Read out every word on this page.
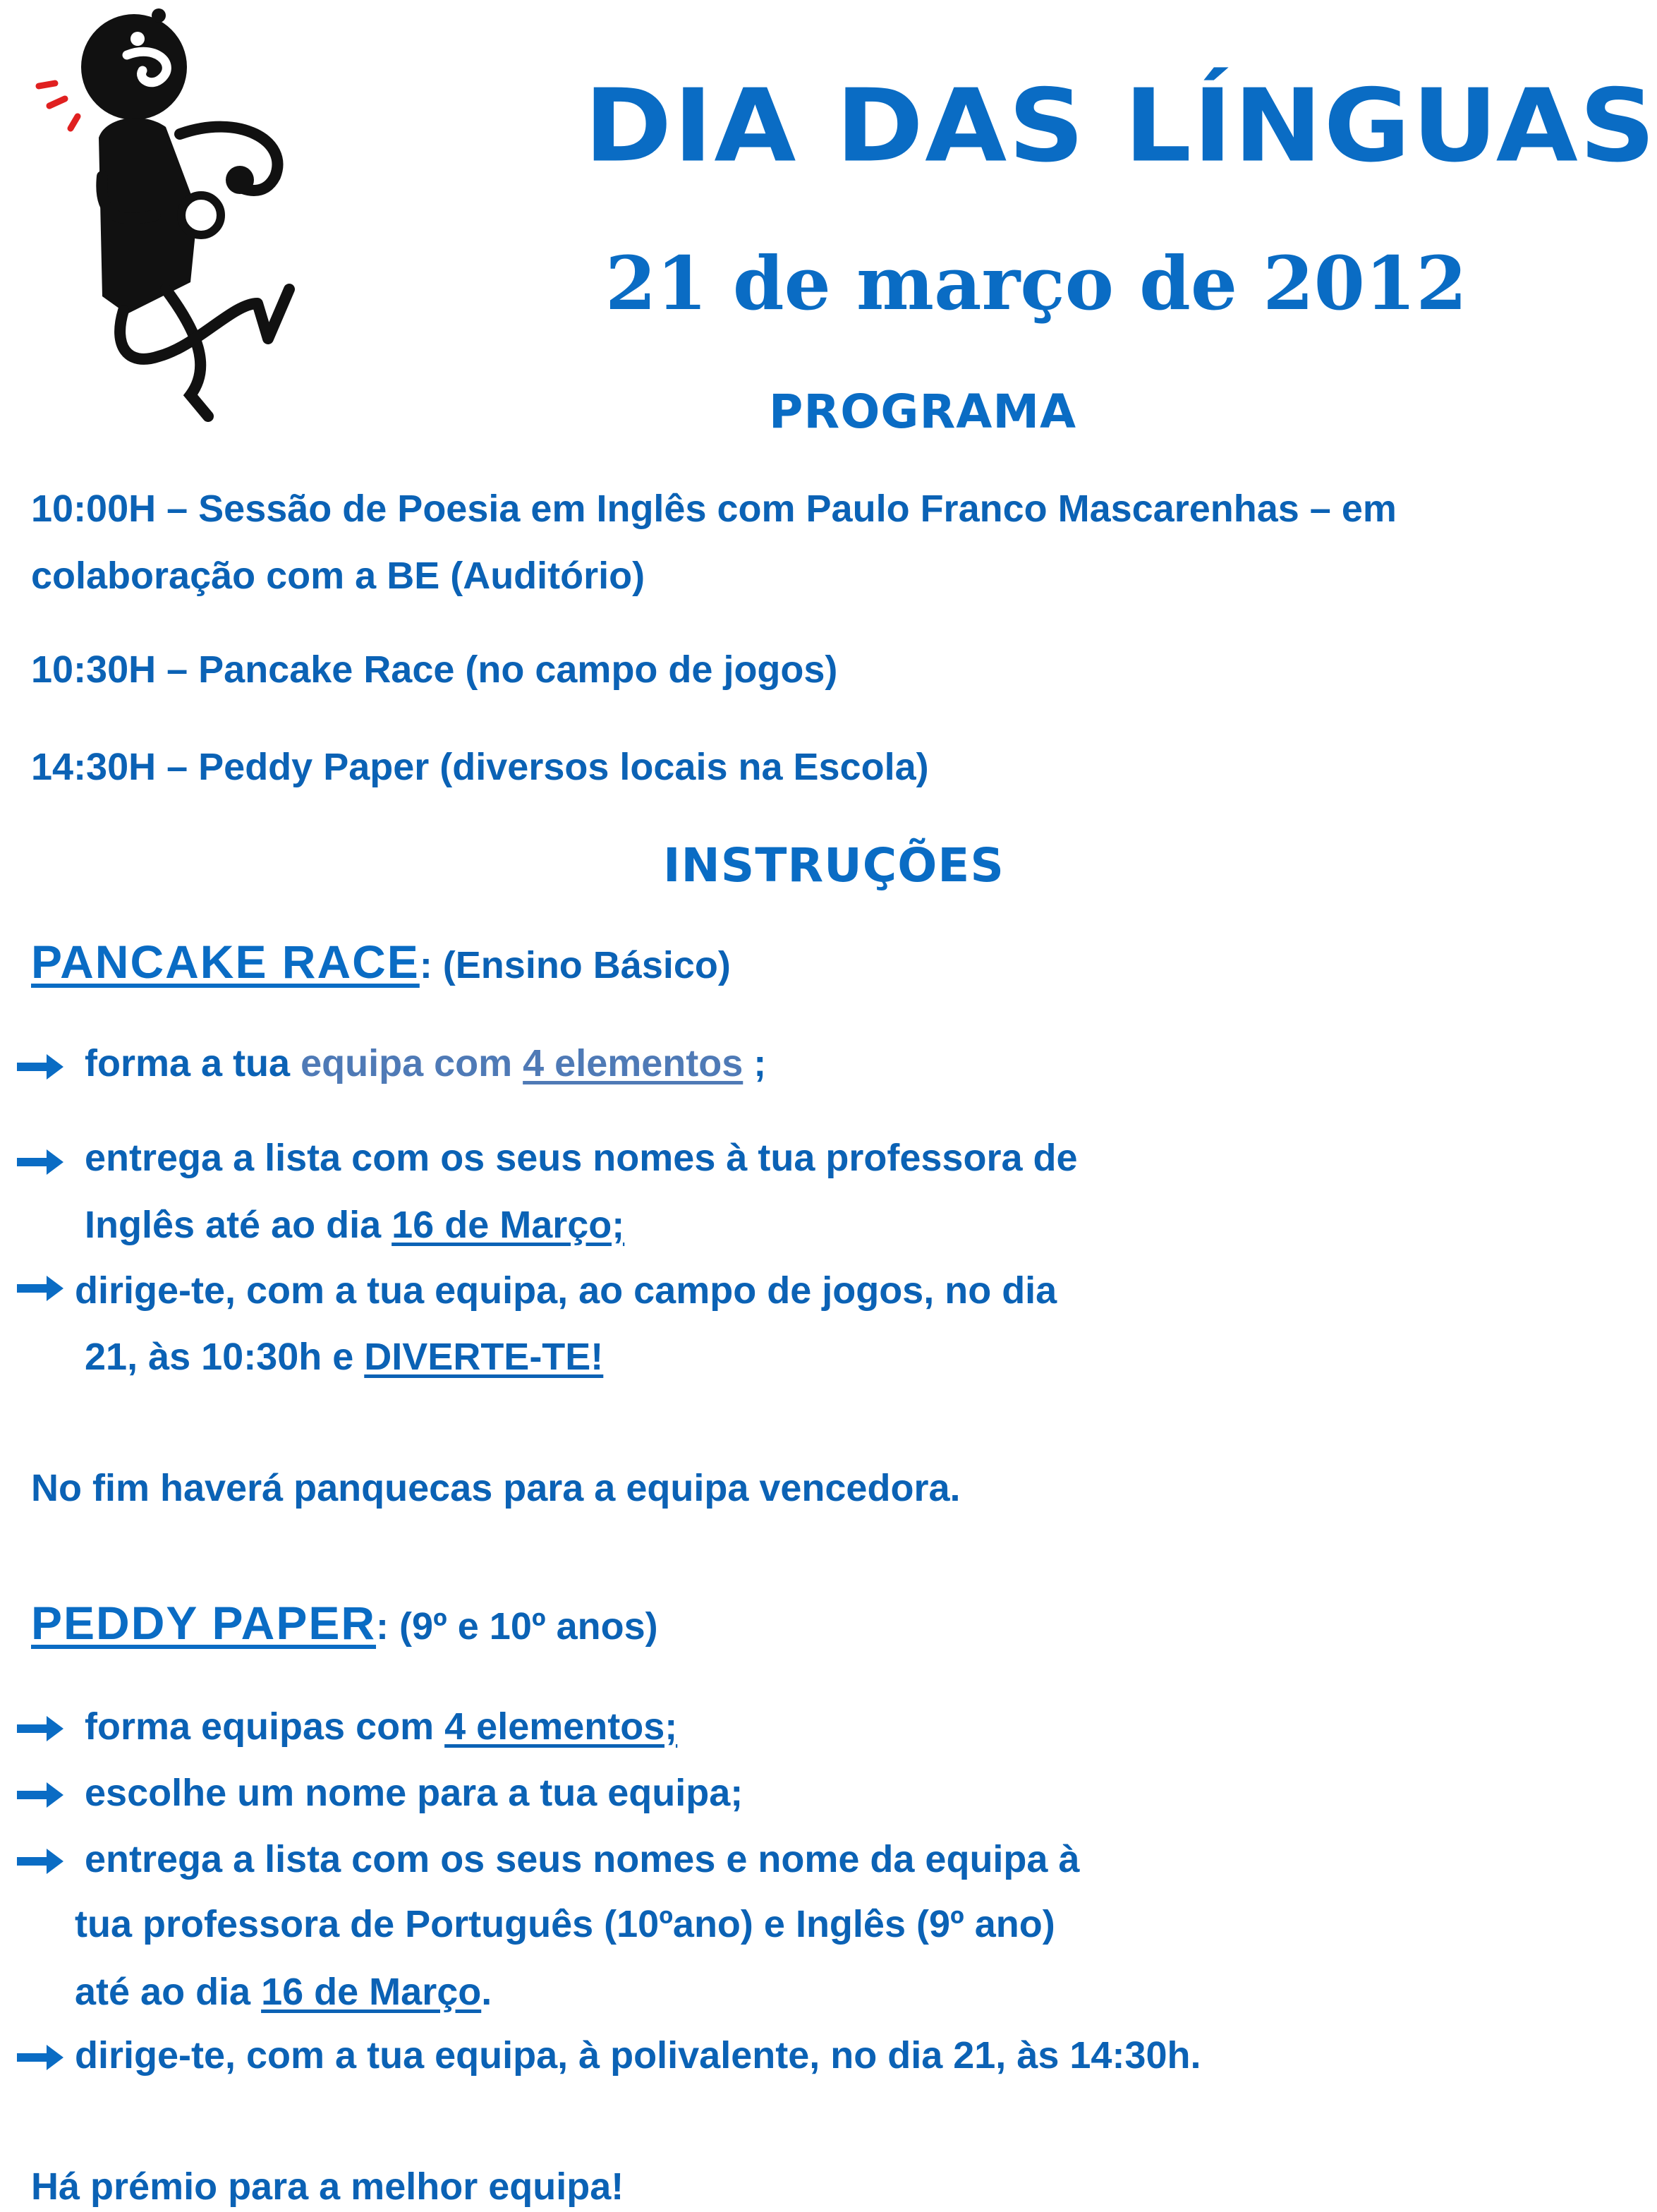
DIA DAS LÍNGUAS
21 de março de 2012
PROGRAMA
10:00H – Sessão de Poesia em Inglês com Paulo Franco Mascarenhas – em
colaboração com a BE (Auditório)
10:30H – Pancake Race (no campo de jogos)
14:30H – Peddy Paper (diversos locais na Escola)
INSTRUÇÕES
PANCAKE RACE: (Ensino Básico)
forma a tua equipa com 4 elementos ;
entrega a lista com os seus nomes à tua professora de
Inglês até ao dia 16 de Março;
dirige-te, com a tua equipa, ao campo de jogos, no dia
21, às 10:30h e DIVERTE-TE!
No fim haverá panquecas para a equipa vencedora.
PEDDY PAPER: (9º e 10º anos)
forma equipas com 4 elementos;
escolhe um nome para a tua equipa;
entrega a lista com os seus nomes e nome da equipa à
tua professora de Português (10ºano) e Inglês (9º ano)
até ao dia 16 de Março.
dirige-te, com a tua equipa, à polivalente, no dia 21, às 14:30h.
Há prémio para a melhor equipa!
